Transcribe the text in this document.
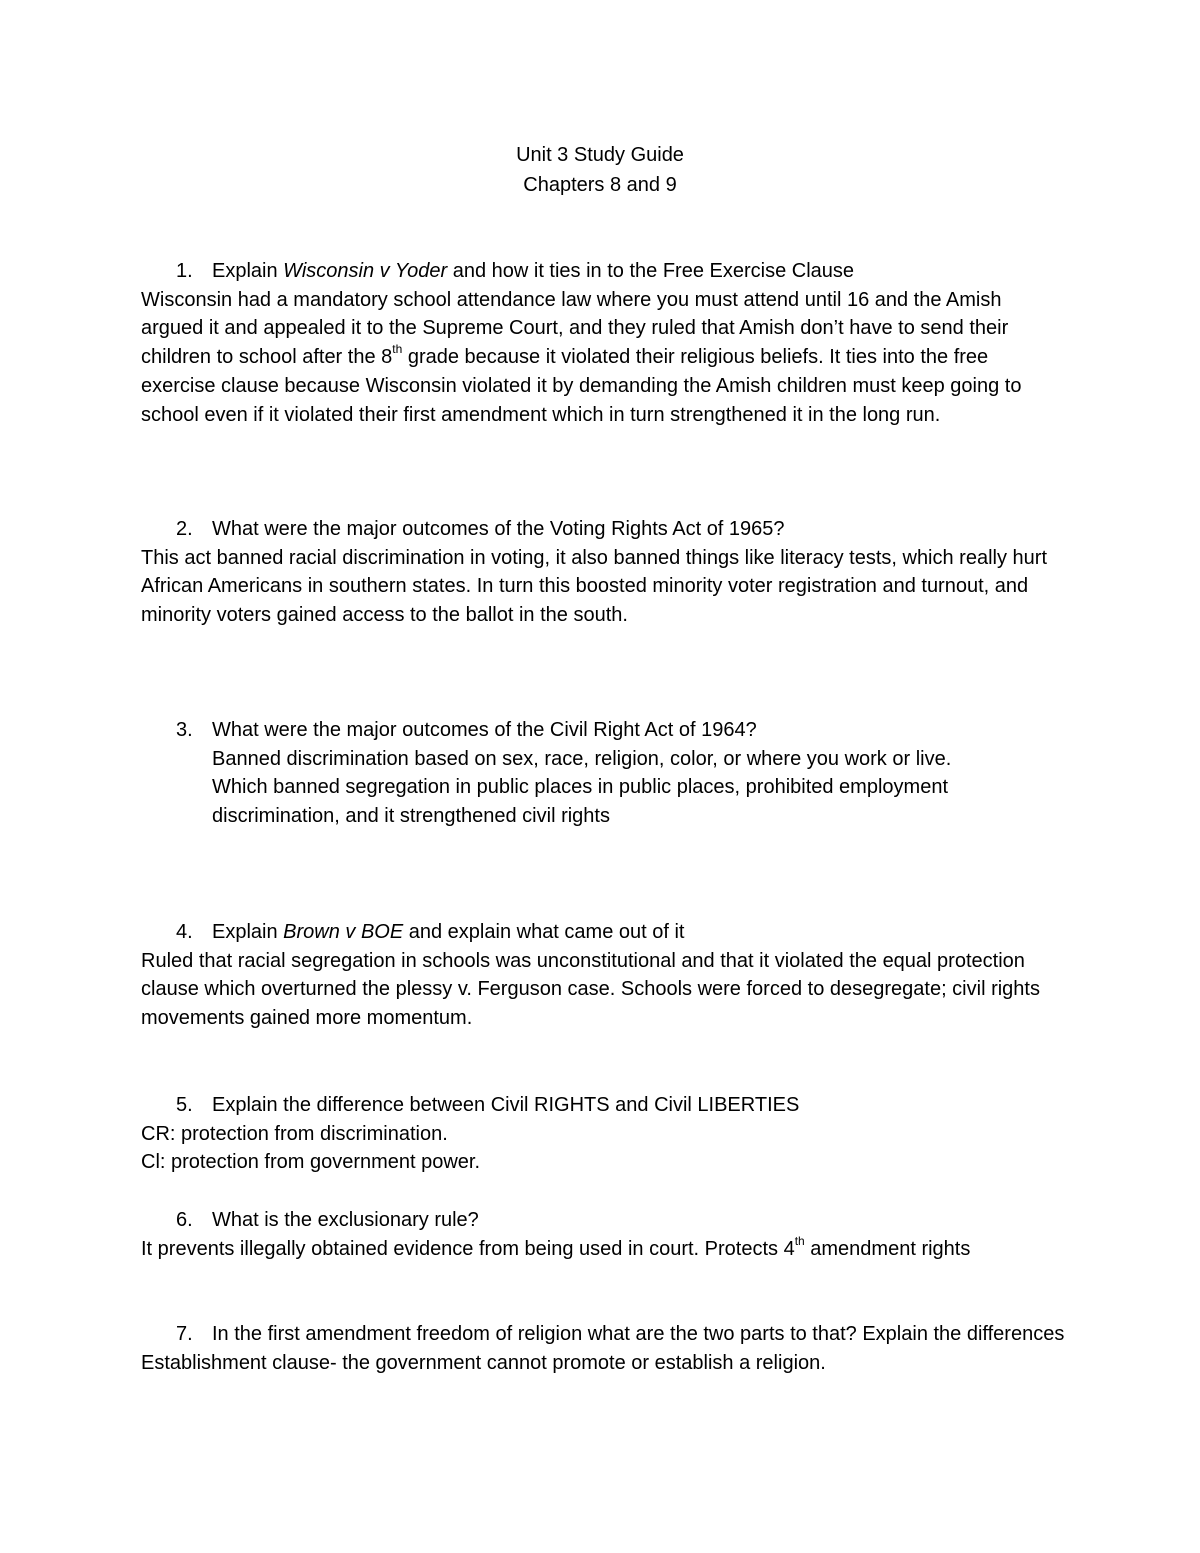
Unit 3 Study Guide
Chapters 8 and 9
1. Explain Wisconsin v Yoder and how it ties in to the Free Exercise Clause
Wisconsin had a mandatory school attendance law where you must attend until 16 and the Amish argued it and appealed it to the Supreme Court, and they ruled that Amish don’t have to send their children to school after the 8th grade because it violated their religious beliefs. It ties into the free exercise clause because Wisconsin violated it by demanding the Amish children must keep going to school even if it violated their first amendment which in turn strengthened it in the long run.
2. What were the major outcomes of the Voting Rights Act of 1965?
This act banned racial discrimination in voting, it also banned things like literacy tests, which really hurt African Americans in southern states. In turn this boosted minority voter registration and turnout, and minority voters gained access to the ballot in the south.
3. What were the major outcomes of the Civil Right Act of 1964?
Banned discrimination based on sex, race, religion, color, or where you work or live. Which banned segregation in public places in public places, prohibited employment discrimination, and it strengthened civil rights
4. Explain Brown v BOE and explain what came out of it
Ruled that racial segregation in schools was unconstitutional and that it violated the equal protection clause which overturned the plessy v. Ferguson case. Schools were forced to desegregate; civil rights movements gained more momentum.
5. Explain the difference between Civil RIGHTS and Civil LIBERTIES
CR: protection from discrimination.
Cl: protection from government power.
6. What is the exclusionary rule?
It prevents illegally obtained evidence from being used in court. Protects 4th amendment rights
7. In the first amendment freedom of religion what are the two parts to that? Explain the differences
Establishment clause- the government cannot promote or establish a religion.
